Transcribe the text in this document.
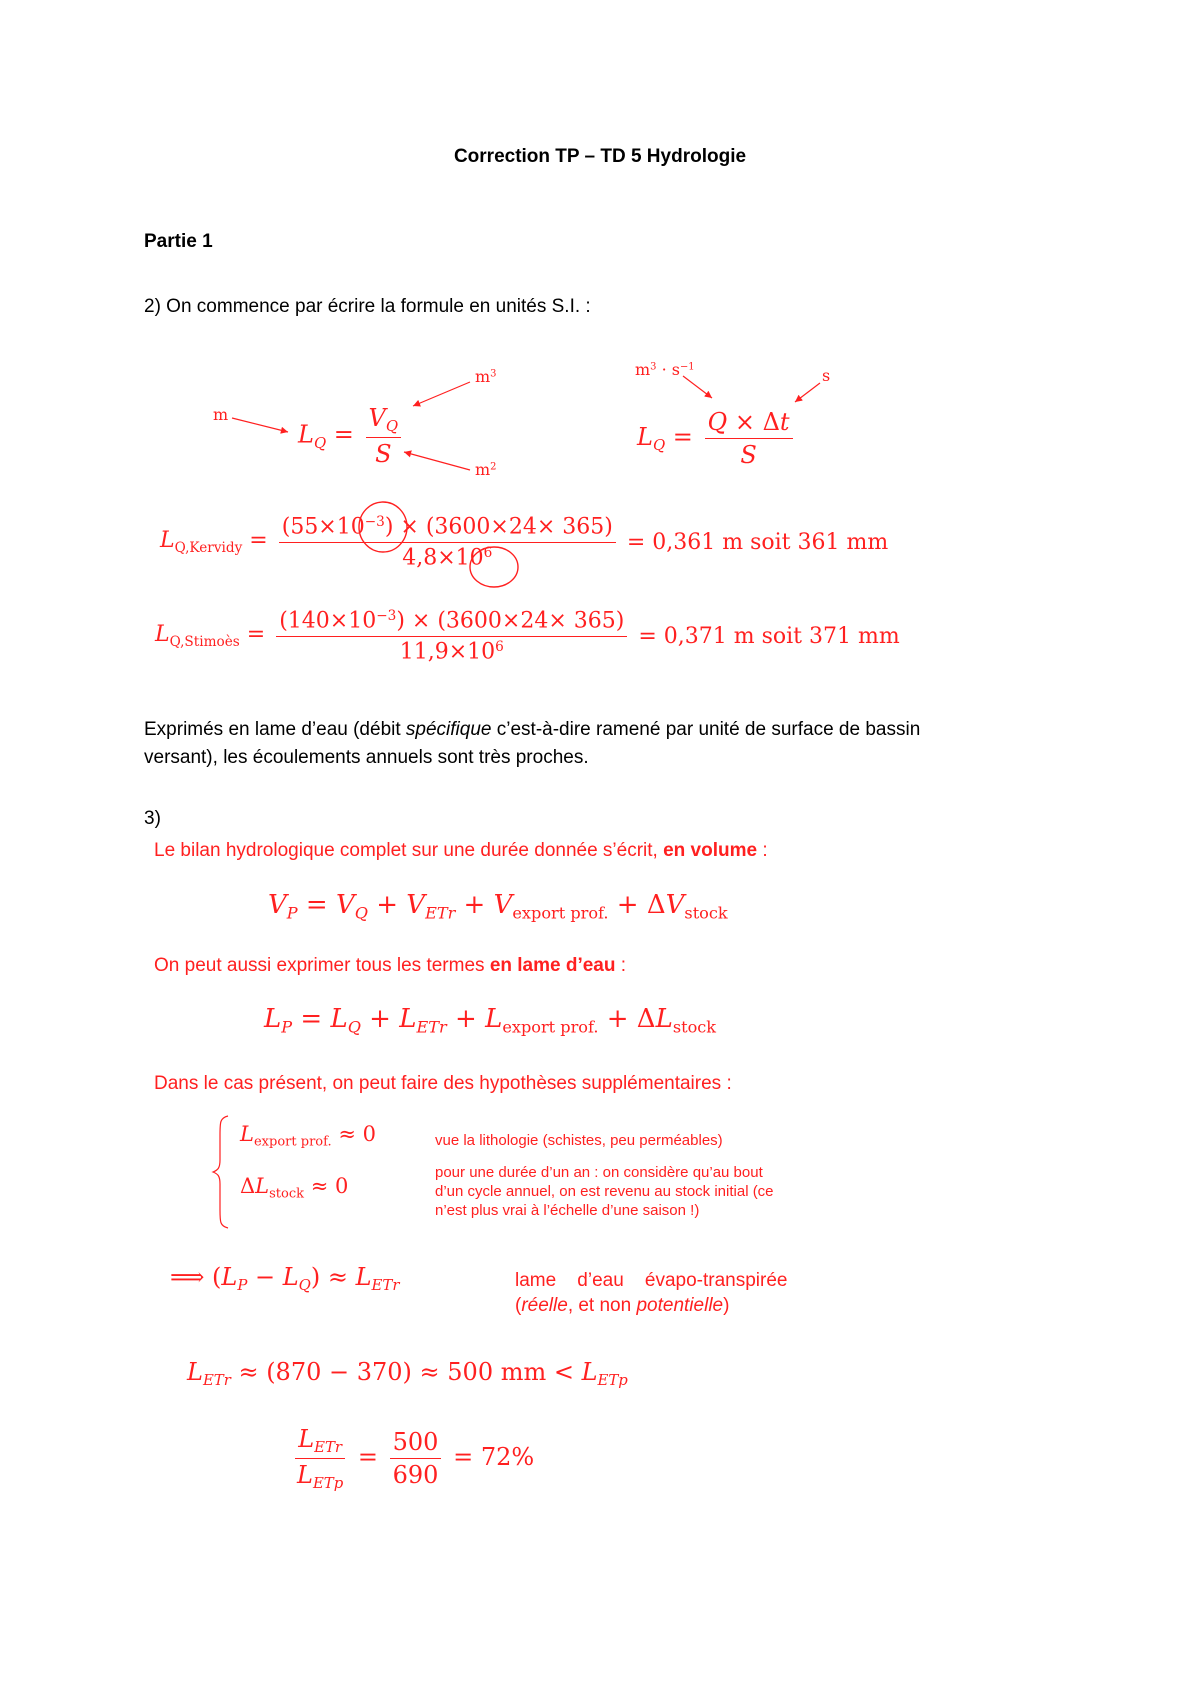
Correction TP – TD 5 Hydrologie
Partie 1
2) On commence par écrire la formule en unités S.I. :
m
$m^3$
$m^2$
$L_Q = \frac{V_Q}{S}$
$m^3 \cdot s^{-1}$	s
$L_Q = \frac{Q \times \Delta t}{S}$
$L_{Q,Kervidy} = \frac{(55\times 10^{-3}) \times (3600\times 24\times 365)}{4,8\times 10^6} = 0,361$ m soit 361 mm
$L_{Q,Stimoès} = \frac{(140\times 10^{-3}) \times (3600\times 24\times 365)}{11,9\times 10^6} = 0,371$ m soit 371 mm
Exprimés en lame d’eau (débit spécifique c’est-à-dire ramené par unité de surface de bassin
versant), les écoulements annuels sont très proches.
3)
Le bilan hydrologique complet sur une durée donnée s’écrit, en volume :
$V_P = V_Q + V_{ETr} + V_{export prof.} + \Delta V_{stock}$
On peut aussi exprimer tous les termes en lame d’eau :
$L_P = L_Q + L_{ETr} + L_{export prof.} + \Delta L_{stock}$
Dans le cas présent, on peut faire des hypothèses supplémentaires :
$L_{export prof.} \approx 0$	vue la lithologie (schistes, peu perméables)
$\Delta L_{stock} \approx 0$
pour une durée d’un an : on considère qu’au bout
d’un cycle annuel, on est revenu au stock initial (ce
n’est plus vrai à l’échelle d’une saison !)
⟹ $(L_P - L_Q) \approx L_{ETr}$	lame    d’eau    évapo-transpirée
(réelle, et non potentielle)
$L_{ETr} \approx (870 - 370) \approx 500$ mm < $L_{ETp}$
$\frac{L_{ETr}}{L_{ETp}} = \frac{500}{690} = 72\%$
